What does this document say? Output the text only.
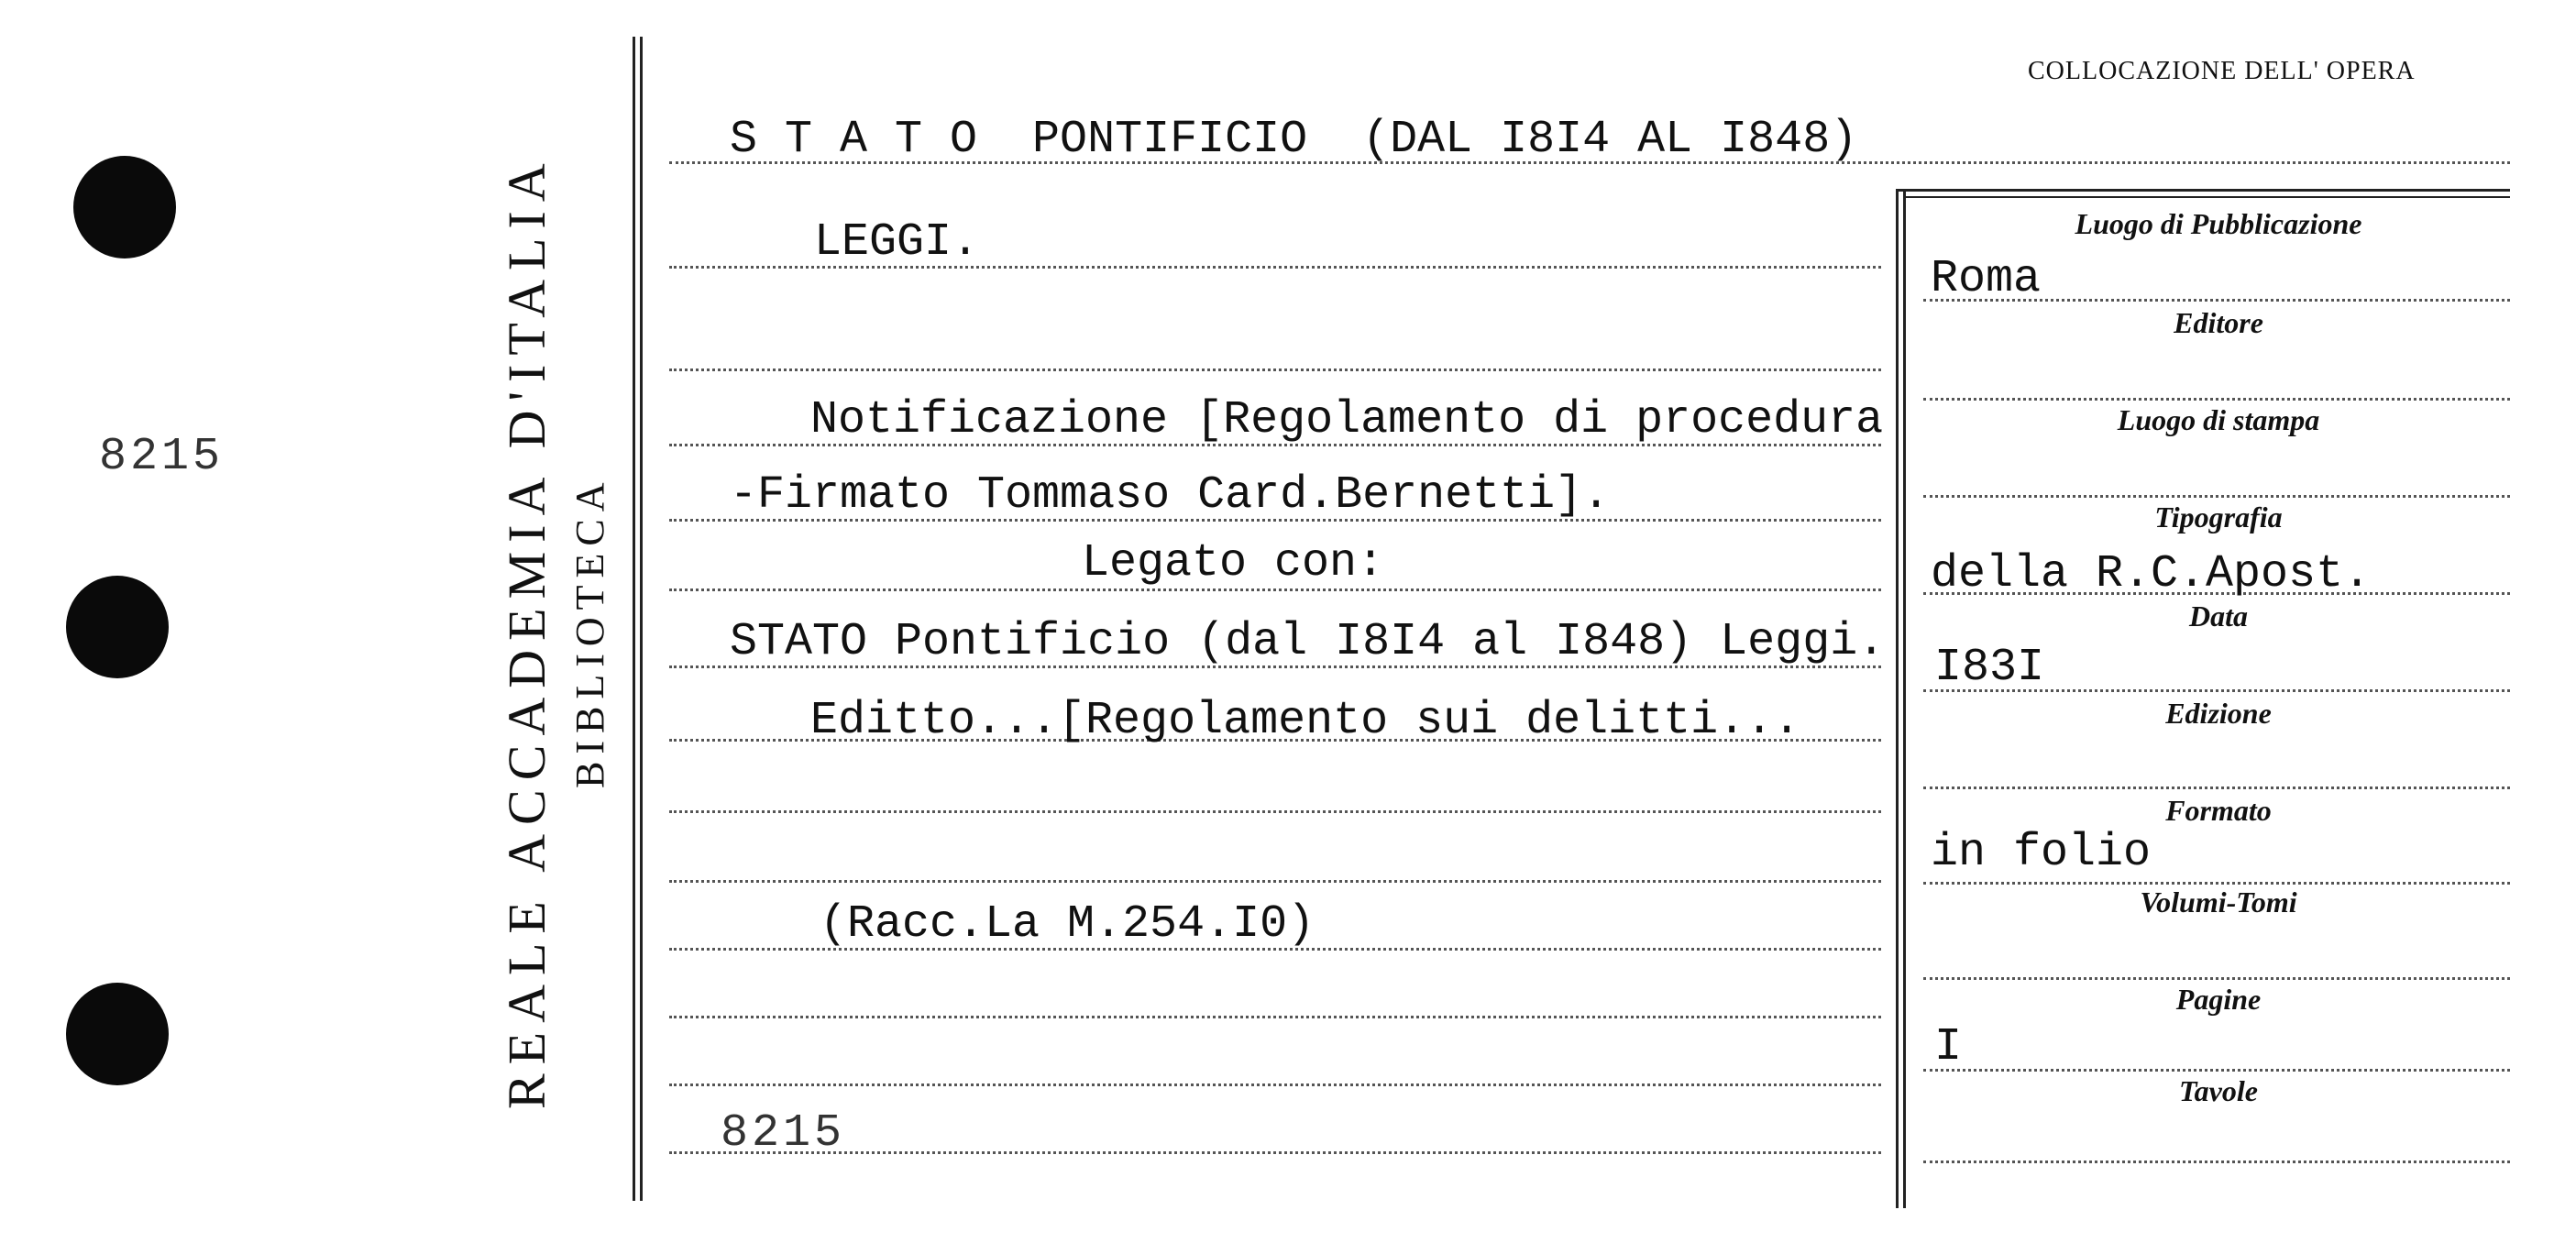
8215	REALE ACCADEMIA D'ITALIA BIBLIOTECA
COLLOCAZIONE DELL' OPERA
S T A T O  PONTIFICIO  (DAL I8I4 AL I848)
LEGGI.
Notificazione [Regolamento di procedura
-Firmato Tommaso Card.Bernetti].
Legato con:
STATO Pontificio (dal I8I4 al I848) Leggi.
Editto...[Regolamento sui delitti...
(Racc.La M.254.I0)
8215
Luogo di Pubblicazione
Editore
Luogo di stampa
Tipografia
Data
Edizione
Formato
Volumi-Tomi
Pagine
Tavole
Roma
della R.C.Apost.
I83I
in folio
I
